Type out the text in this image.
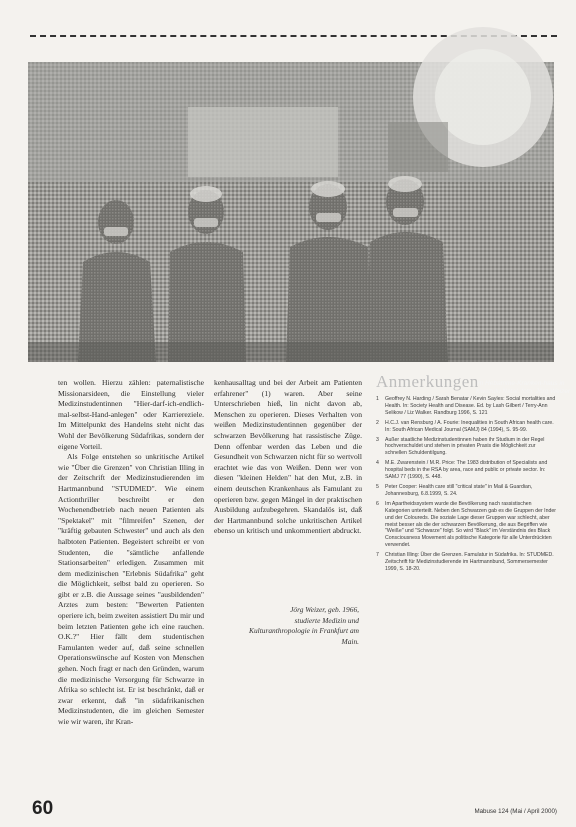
Im Hebamme-Kranken-haus in Kwazulu Natal. foto: Jörg Weizer

ten wollen. Hierzu zählen: paternalistische Missionarsideen, die Einstellung vieler Medizinstudentinnen "Hier-darf-ich-endlich-mal-selbst-Hand-anlegen" oder Karriereziele. Im Mittelpunkt des Handelns steht nicht das Wohl der Bevölkerung Südafrikas, sondern der eigene Vorteil.

Als Folge entstehen so unkritische Artikel wie "Über die Grenzen" von Christian Illing in der Zeitschrift der Medizinstudierenden im Hartmannbund "STUDMED". Wie einem Actionthriller beschreibt er den Wochenendbetrieb nach neuen Patienten als "Spektakel" mit "filmreifen" Szenen, der "kräftig gebauten Schwester" und auch als den halbtoten Patienten. Begeistert schreibt er von Studenten, die "sämtliche anfallende Stationsarbeiten" erledigen. Zusammen mit dem medizinischen "Erlebnis Südafrika" geht die Möglichkeit, selbst bald zu operieren. So gibt er z.B. die Aussage seines "ausbildenden" Arztes zum besten: "Bewerten Patienten operiere ich, beim zweiten assistiert Du mir und beim letzten Patienten gehe ich eine rauchen. O.K.?" Hier fällt dem studentischen Famulanten weder auf, daß seine schnellen Operationswünsche auf Kosten von Menschen gehen. Noch fragt er nach den Gründen, warum die medizinische Versorgung für Schwarze in Afrika so schlecht ist. Er ist beschränkt, daß er zwar erkennt, daß "in südafrikanischen Medizinstudenten, die im gleichen Semester wie wir waren, ihr Kran-

kenhausalltag und bei der Arbeit am Patienten erfahrener" (1) waren. Aber seine Unterschrieben hieß, lin nicht davon ab, Menschen zu operieren. Dieses Verhalten von weißen Medizinstudentinnen gegenüber der schwarzen Bevölkerung hat rassistische Züge. Denn offenbar werden das Leben und die Gesundheit von Schwarzen nicht für so wertvoll erachtet wie das von Weißen. Denn wer von diesen "kleinen Helden" hat den Mut, z.B. in einem deutschen Krankenhaus als Famulant zu operieren bzw. gegen Mängel in der praktischen Ausbildung aufzubegehren. Skandalös ist, daß der Hartmannbund solche unkritischen Artikel ebenso un kritisch und unkommentiert abdruckt.

Jörg Weizer, geb. 1966,
studierte Medizin und
Kulturanthropologie in Frankfurt am Main.
Anmerkungen
1	Geoffrey N. Harding / Sarah Benatar / Kevin Sayles: Social mortalities and Health. In: Society Health and Disease. Ed. by Lash Gilbert / Terry-Ann Selikow / Liz Walker. Randburg 1996, S. 121
2	H.C.J. van Rensburg / A. Fourie: Inequalities in South African health care. In: South African Medical Journal (SAMJ) 84 (1994), S. 95-99.
3	Außer staatliche Medizinstudentinnen haben ihr Studium in der Regel hochverschuldet und stehen in privaten Praxis die Möglichkeit zur schnellen Schuldentilgung.
4	M.E. Zwarenstein / M.R. Price: The 1983 distribution of Specialists and hospital beds in the RSA by area, race and public or private sector. In: SAMJ 77 (1990), S. 448.
5	Peter Cooper: Health care still "critical state" in Mail & Guardian, Johannesburg, 6.8.1999, S. 24.
6	Im Apartheidssystem wurde die Bevölkerung nach rassistischen Kategorien unterteilt. Neben den Schwarzen gab es die Gruppen der Inder und der Coloureds. Die soziale Lage dieser Gruppen war schlecht, aber meist besser als die der schwarzen Bevölkerung, die aus Begriffen wie "Weiße" und "Schwarze" folgt. So wird "Black" im Verständnis des Black Consciousness Movement als politische Kategorie für alle Unterdrückten verwendet.
7	Christian Illing: Über die Grenzen. Famulatur in Südafrika. In: STUDMED. Zeitschrift für Medizinstudierende im Hartmannbund, Sommersemester 1999, S. 18-20.
60	Mabuse 124 (Mai / April 2000)
